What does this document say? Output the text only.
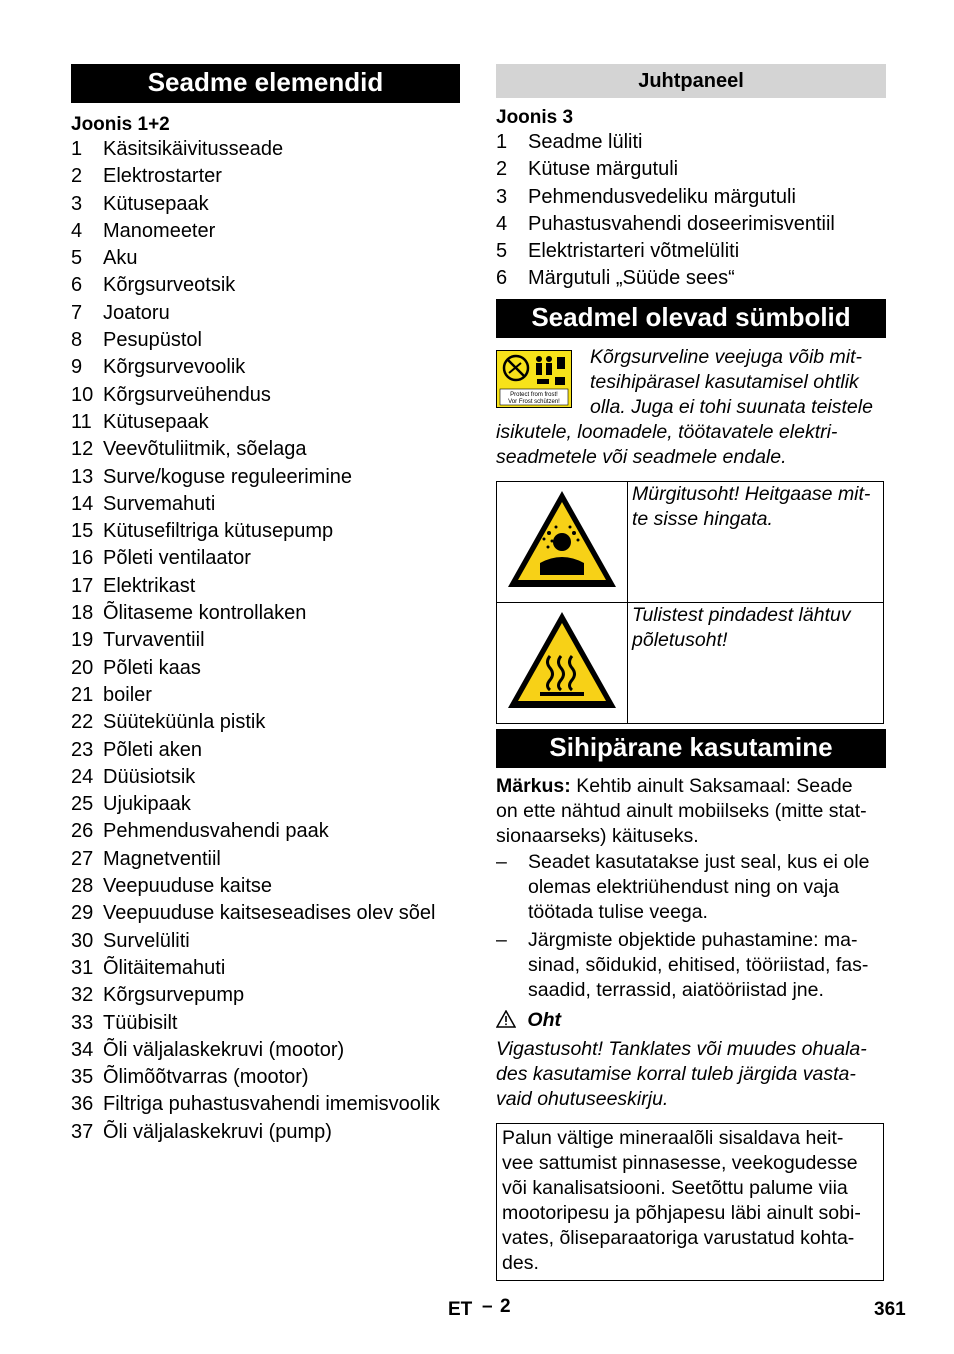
Seadme elemendid
Joonis 1+2
1 Käsitsikäivitusseade
2 Elektrostarter
3 Kütusepaak
4 Manomeeter
5 Aku
6 Kõrgsurveotsik
7 Joatoru
8 Pesupüstol
9 Kõrgsurvevoolik
10 Kõrgsurveühendus
11 Kütusepaak
12 Veevõtuliitmik, sõelaga
13 Surve/koguse reguleerimine
14 Survemahuti
15 Kütusefiltriga kütusepump
16 Põleti ventilaator
17 Elektrikast
18 Õlitaseme kontrollaken
19 Turvaventiil
20 Põleti kaas
21 boiler
22 Süüteküünla pistik
23 Põleti aken
24 Düüsiotsik
25 Ujukipaak
26 Pehmendusvahendi paak
27 Magnetventiil
28 Veepuuduse kaitse
29 Veepuuduse kaitseseadises olev sõel
30 Survelüliti
31 Õlitäitemahuti
32 Kõrgsurvepump
33 Tüübisilt
34 Õli väljalaskekruvi (mootor)
35 Õlimõõtvarras (mootor)
36 Filtriga puhastusvahendi imemisvoolik
37 Õli väljalaskekruvi (pump)
Juhtpaneel
Joonis 3
1 Seadme lüliti
2 Kütuse märgutuli
3 Pehmendusvedeliku märgutuli
4 Puhastusvahendi doseerimisventiil
5 Elektristarteri võtmelüliti
6 Märgutuli „Süüde sees“
Seadmel olevad sümbolid
Protect from frost!
Vor Frost schützen!
Kõrgsurveline veejuga võib mit-
tesihipärasel kasutamisel ohtlik
olla. Juga ei tohi suunata teistele
isikutele, loomadele, töötavatele elektri-
seadmetele või seadmele endale.

Mürgitusoht! Heitgaase mit-
te sisse hingata.

Tulistest pindadest lähtuv
põletusoht!
Sihipärane kasutamine
Märkus: Kehtib ainult Saksamaal: Seade
on ette nähtud ainult mobiilseks (mitte stat-
sionaarseks) käituseks.
– Seadet kasutatakse just seal, kus ei ole
olemas elektriühendust ning on vaja
töötada tulise veega.
– Järgmiste objektide puhastamine: ma-
sinad, sõidukid, ehitised, tööriistad, fas-
saadid, terrassid, aiatööriistad jne.
Oht
Vigastusoht! Tanklates või muudes ohuala-
des kasutamise korral tuleb järgida vasta-
vaid ohutuseeskirju.
Palun vältige mineraalõli sisaldava heit-
vee sattumist pinnasesse, veekogudesse
või kanalisatsiooni. Seetõttu palume viia
mootoripesu ja põhjapesu läbi ainult sobi-
vates, õliseparaatoriga varustatud kohta-
des.
ET – 2	361
